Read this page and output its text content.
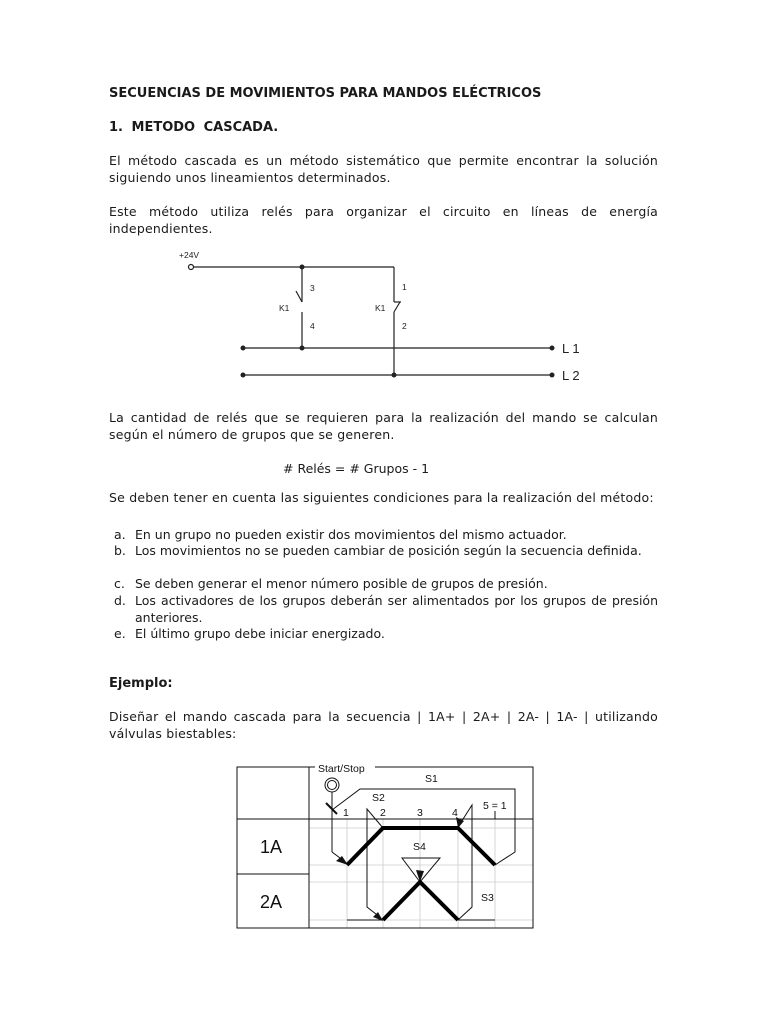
SECUENCIAS DE MOVIMIENTOS PARA MANDOS ELÉCTRICOS
1. METODO CASCADA.
El método cascada es un método sistemático que permite encontrar la solución siguiendo unos lineamientos determinados.
Este método utiliza relés para organizar el circuito en líneas de energía independientes.
+24V
3
K1
4
1
K1
2
L 1
L 2
La cantidad de relés que se requieren para la realización del mando se calculan según el número de grupos que se generen.
# Relés = # Grupos - 1
Se deben tener en cuenta las siguientes condiciones para la realización del método:
a. En un grupo no pueden existir dos movimientos del mismo actuador.
b. Los movimientos no se pueden cambiar de posición según la secuencia definida.
c. Se deben generar el menor número posible de grupos de presión.
d. Los activadores de los grupos deberán ser alimentados por los grupos de presión anteriores.
e. El último grupo debe iniciar energizado.
Ejemplo:
Diseñar el mando cascada para la secuencia | 1A+ | 2A+ | 2A- | 1A- | utilizando válvulas biestables:
Start/Stop
S1
S2
S3
S4
1	2	3	4
5 = 1
1A
2A
